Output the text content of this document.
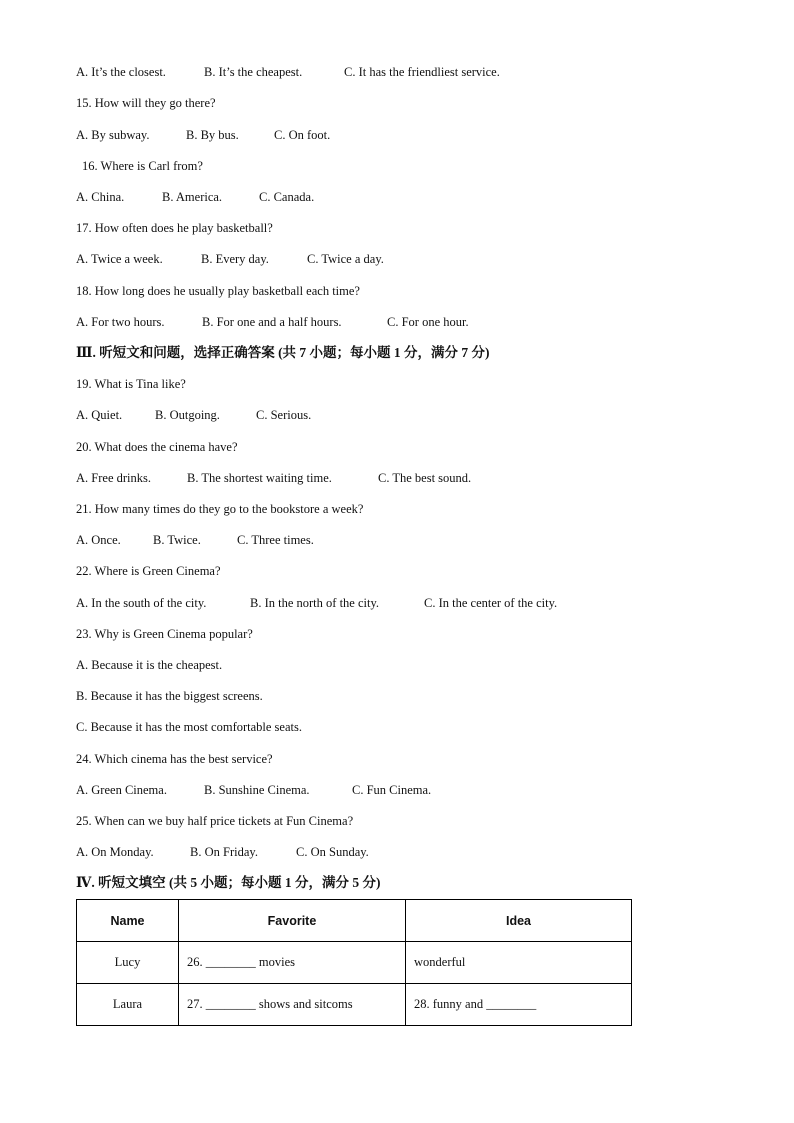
A. It’s the closest.	B. It’s the cheapest.	C. It has the friendliest service.
15. How will they go there?
A. By subway.	B. By bus.	C. On foot.
16. Where is Carl from?
A. China.	B. America.	C. Canada.
17. How often does he play basketball?
A. Twice a week.	B. Every day.	C. Twice a day.
18. How long does he usually play basketball each time?
A. For two hours.	B. For one and a half hours.	C. For one hour.
Ⅲ. 听短文和问题，选择正确答案 (共 7 小题；每小题 1 分，满分 7 分)
19. What is Tina like?
A. Quiet.	B. Outgoing.	C. Serious.
20. What does the cinema have?
A. Free drinks.	B. The shortest waiting time.	C. The best sound.
21. How many times do they go to the bookstore a week?
A. Once.	B. Twice.	C. Three times.
22. Where is Green Cinema?
A. In the south of the city.	B. In the north of the city.	C. In the center of the city.
23. Why is Green Cinema popular?
A. Because it is the cheapest.
B. Because it has the biggest screens.
C. Because it has the most comfortable seats.
24. Which cinema has the best service?
A. Green Cinema.	B. Sunshine Cinema.	C. Fun Cinema.
25. When can we buy half price tickets at Fun Cinema?
A. On Monday.	B. On Friday.	C. On Sunday.
Ⅳ. 听短文填空 (共 5 小题；每小题 1 分，满分 5 分)
Name	Favorite	Idea
Lucy	26. ________ movies	wonderful
Laura	27. ________ shows and sitcoms	28. funny and ________
